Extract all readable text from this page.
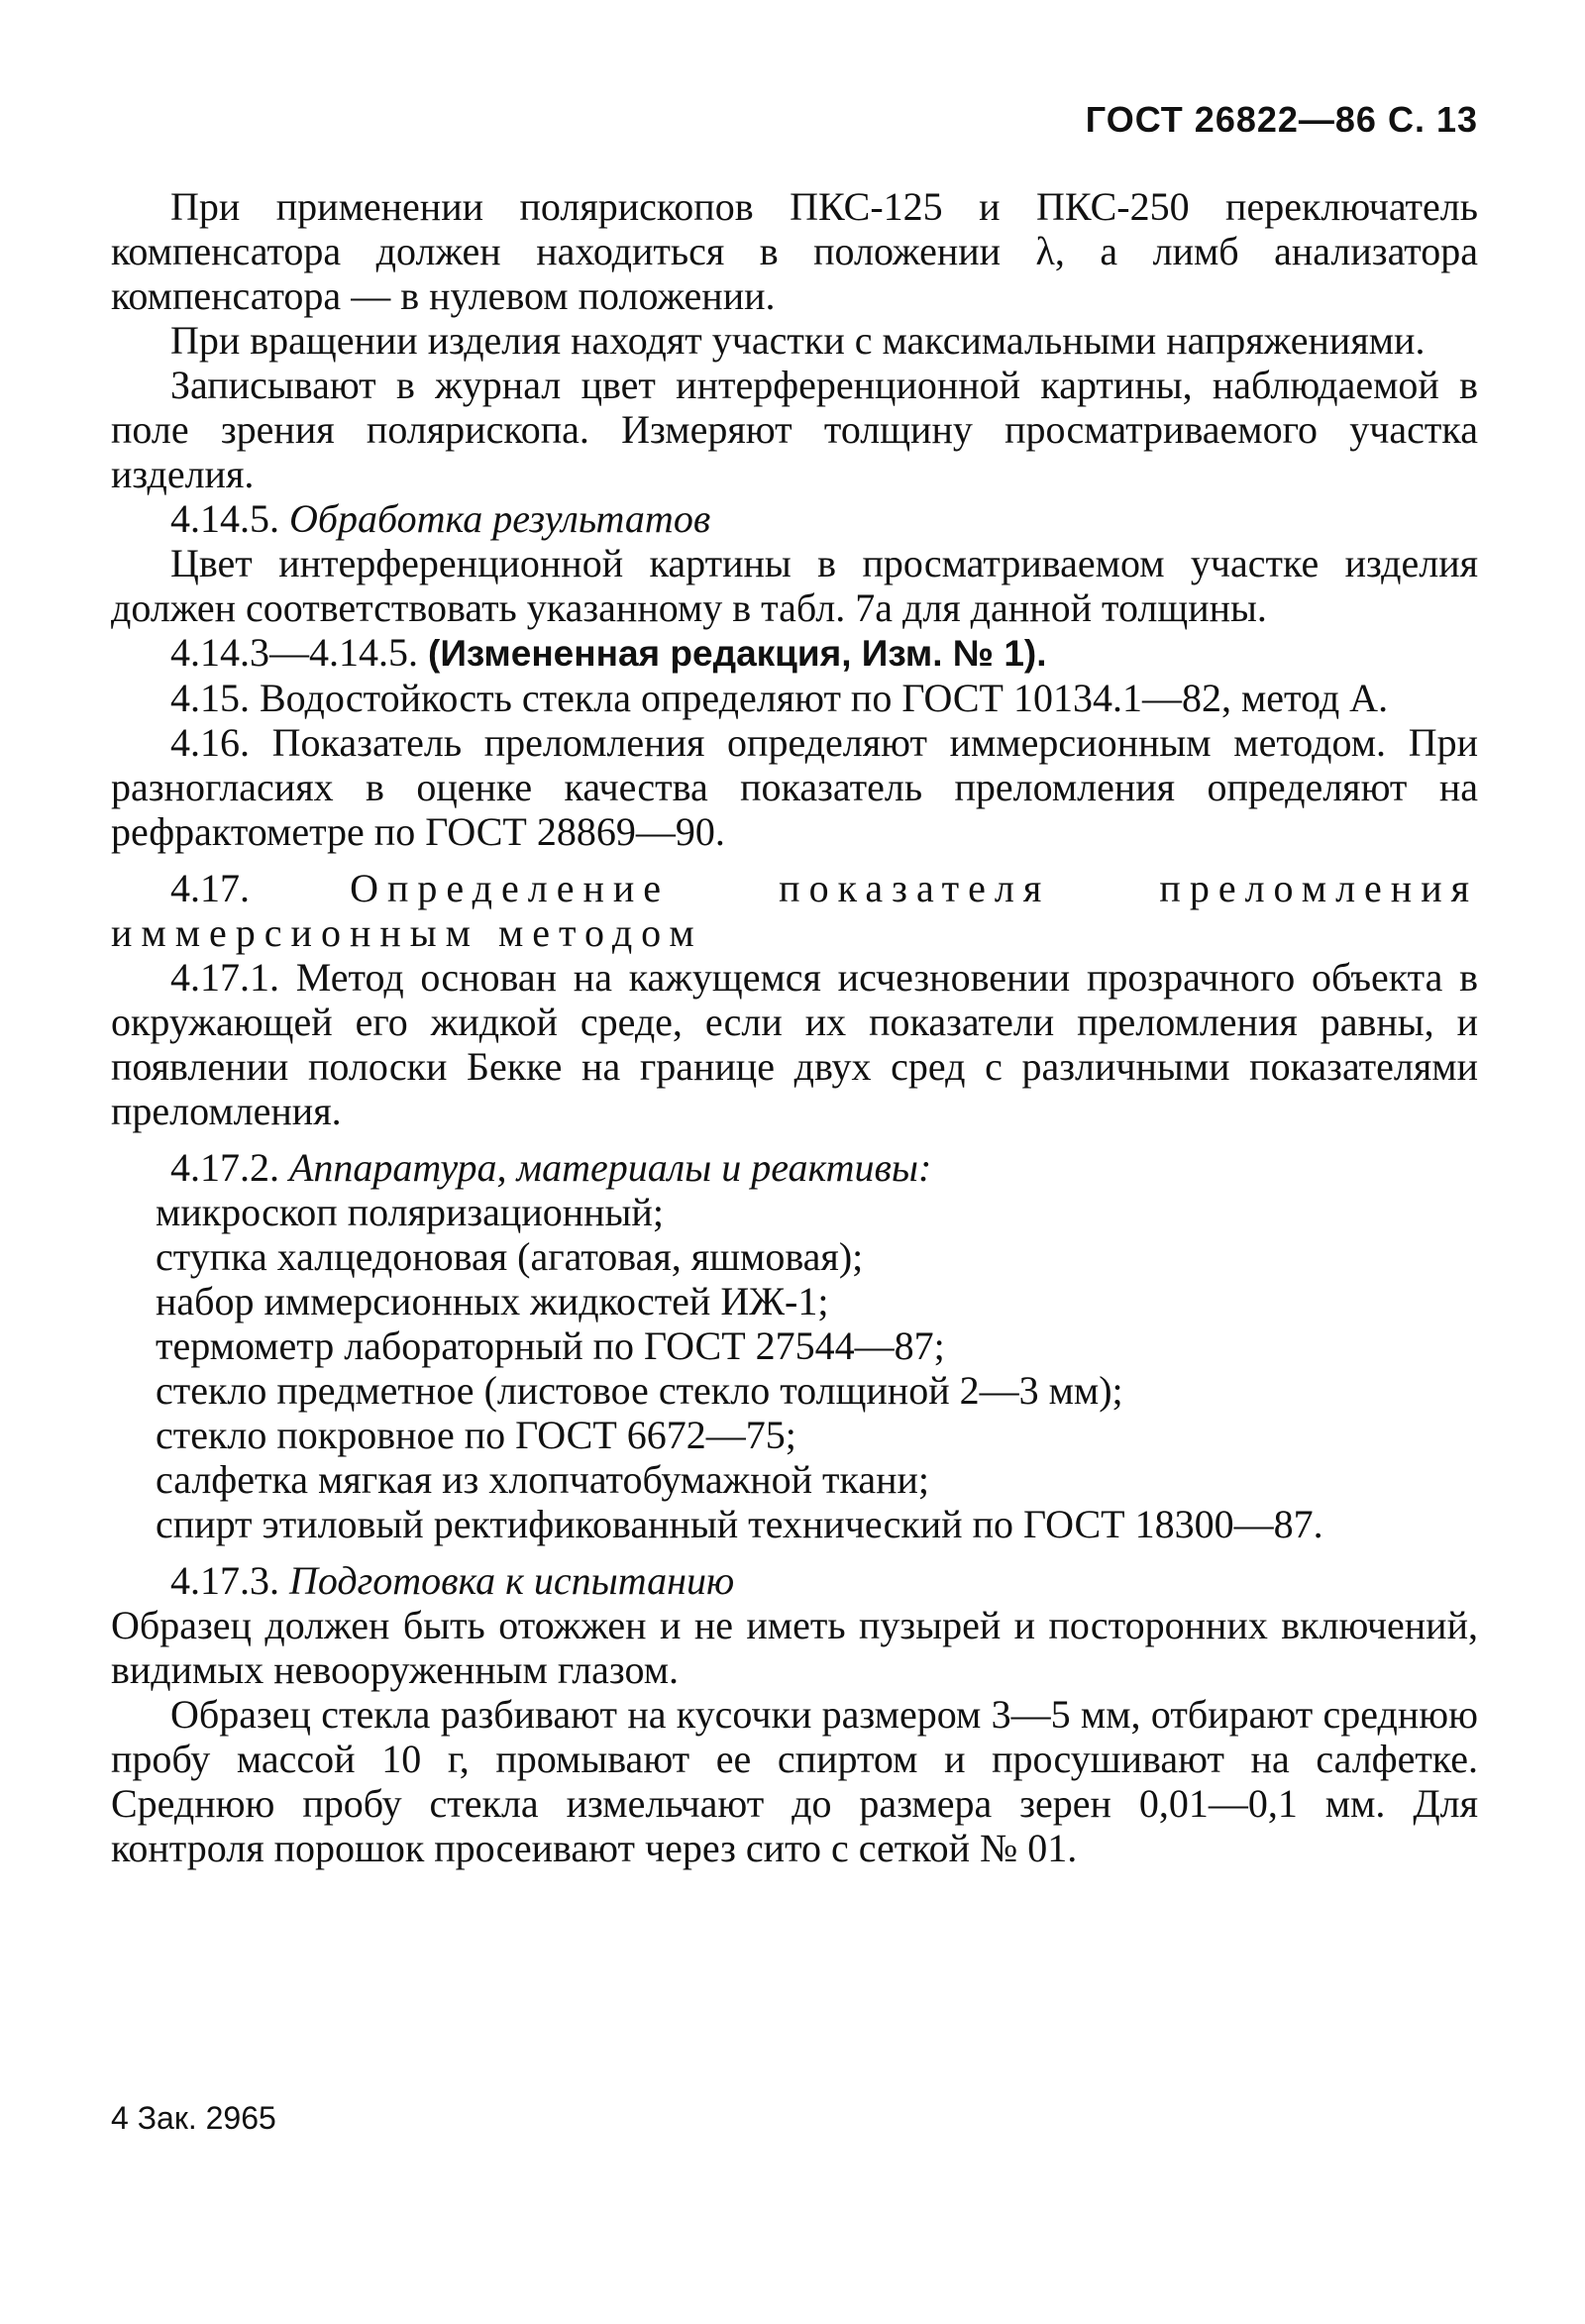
ГОСТ 26822—86 С. 13

При применении полярископов ПКС-125 и ПКС-250 переключатель компенсатора должен находиться в положении λ, а лимб анализатора компенсатора — в нулевом положении.

При вращении изделия находят участки с максимальными напряжениями.

Записывают в журнал цвет интерференционной картины, наблюдаемой в поле зрения полярископа. Измеряют толщину просматриваемого участка изделия.

4.14.5. Обработка результатов

Цвет интерференционной картины в просматриваемом участке изделия должен соответствовать указанному в табл. 7а для данной толщины.

4.14.3—4.14.5. (Измененная редакция, Изм. № 1).

4.15. Водостойкость стекла определяют по ГОСТ 10134.1—82, метод А.

4.16. Показатель преломления определяют иммерсионным методом. При разногласиях в оценке качества показатель преломления определяют на рефрактометре по ГОСТ 28869—90.

4.17.	Определение показателя преломления иммерсионным методом

4.17.1. Метод основан на кажущемся исчезновении прозрачного объекта в окружающей его жидкой среде, если их показатели преломления равны, и появлении полоски Бекке на границе двух сред с различными показателями преломления.

4.17.2. Аппаратура, материалы и реактивы:

микроскоп поляризационный;
ступка халцедоновая (агатовая, яшмовая);
набор иммерсионных жидкостей ИЖ-1;
термометр лабораторный по ГОСТ 27544—87;
стекло предметное (листовое стекло толщиной 2—3 мм);
стекло покровное по ГОСТ 6672—75;
салфетка мягкая из хлопчатобумажной ткани;
спирт этиловый ректификованный технический по ГОСТ 18300—87.

4.17.3. Подготовка к испытанию

Образец должен быть отожжен и не иметь пузырей и посторонних включений, видимых невооруженным глазом.

Образец стекла разбивают на кусочки размером 3—5 мм, отбирают среднюю пробу массой 10 г, промывают ее спиртом и просушивают на салфетке. Среднюю пробу стекла измельчают до размера зерен 0,01—0,1 мм. Для контроля порошок просеивают через сито с сеткой № 01.

4 Зак. 2965
